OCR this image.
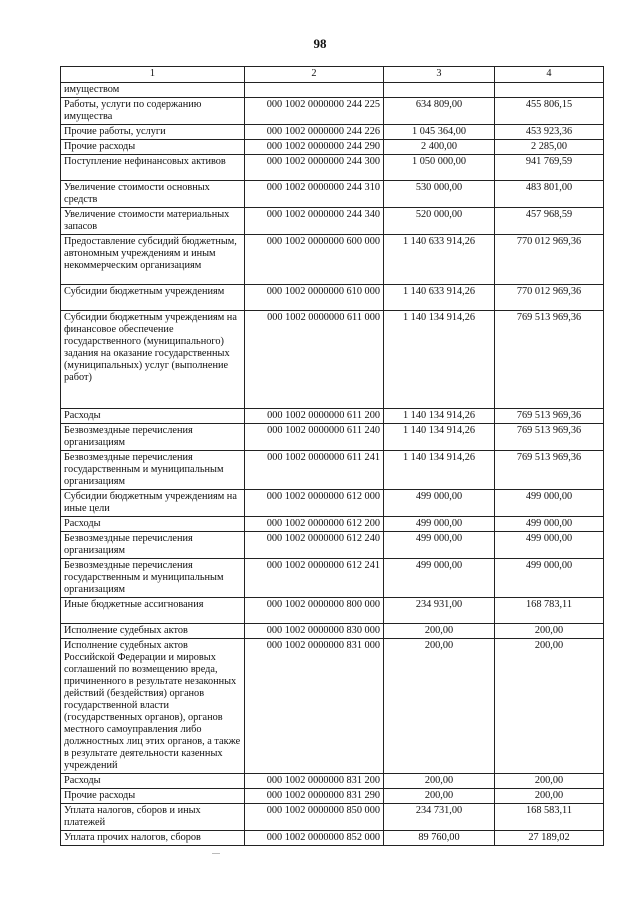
98
1	2	3	4
имуществом			
Работы, услуги по содержанию имущества	000 1002 0000000 244 225	634 809,00	455 806,15
Прочие работы, услуги	000 1002 0000000 244 226	1 045 364,00	453 923,36
Прочие расходы	000 1002 0000000 244 290	2 400,00	2 285,00
Поступление нефинансовых активов	000 1002 0000000 244 300	1 050 000,00	941 769,59
Увеличение стоимости основных средств	000 1002 0000000 244 310	530 000,00	483 801,00
Увеличение стоимости материальных запасов	000 1002 0000000 244 340	520 000,00	457 968,59
Предоставление субсидий бюджетным, автономным учреждениям и иным некоммерческим организациям	000 1002 0000000 600 000	1 140 633 914,26	770 012 969,36
Субсидии бюджетным учреждениям	000 1002 0000000 610 000	1 140 633 914,26	770 012 969,36
Субсидии бюджетным учреждениям на финансовое обеспечение государственного (муниципального) задания на оказание государственных (муниципальных) услуг (выполнение работ)	000 1002 0000000 611 000	1 140 134 914,26	769 513 969,36
Расходы	000 1002 0000000 611 200	1 140 134 914,26	769 513 969,36
Безвозмездные перечисления организациям	000 1002 0000000 611 240	1 140 134 914,26	769 513 969,36
Безвозмездные перечисления государственным и муниципальным организациям	000 1002 0000000 611 241	1 140 134 914,26	769 513 969,36
Субсидии бюджетным учреждениям на иные цели	000 1002 0000000 612 000	499 000,00	499 000,00
Расходы	000 1002 0000000 612 200	499 000,00	499 000,00
Безвозмездные перечисления организациям	000 1002 0000000 612 240	499 000,00	499 000,00
Безвозмездные перечисления государственным и муниципальным организациям	000 1002 0000000 612 241	499 000,00	499 000,00
Иные бюджетные ассигнования	000 1002 0000000 800 000	234 931,00	168 783,11
Исполнение судебных актов	000 1002 0000000 830 000	200,00	200,00
Исполнение судебных актов Российской Федерации и мировых соглашений по возмещению вреда, причиненного в результате незаконных действий (бездействия) органов государственной власти (государственных органов), органов местного самоуправления либо должностных лиц этих органов, а также в результате деятельности казенных учреждений	000 1002 0000000 831 000	200,00	200,00
Расходы	000 1002 0000000 831 200	200,00	200,00
Прочие расходы	000 1002 0000000 831 290	200,00	200,00
Уплата налогов, сборов и иных платежей	000 1002 0000000 850 000	234 731,00	168 583,11
Уплата прочих налогов, сборов	000 1002 0000000 852 000	89 760,00	27 189,02
